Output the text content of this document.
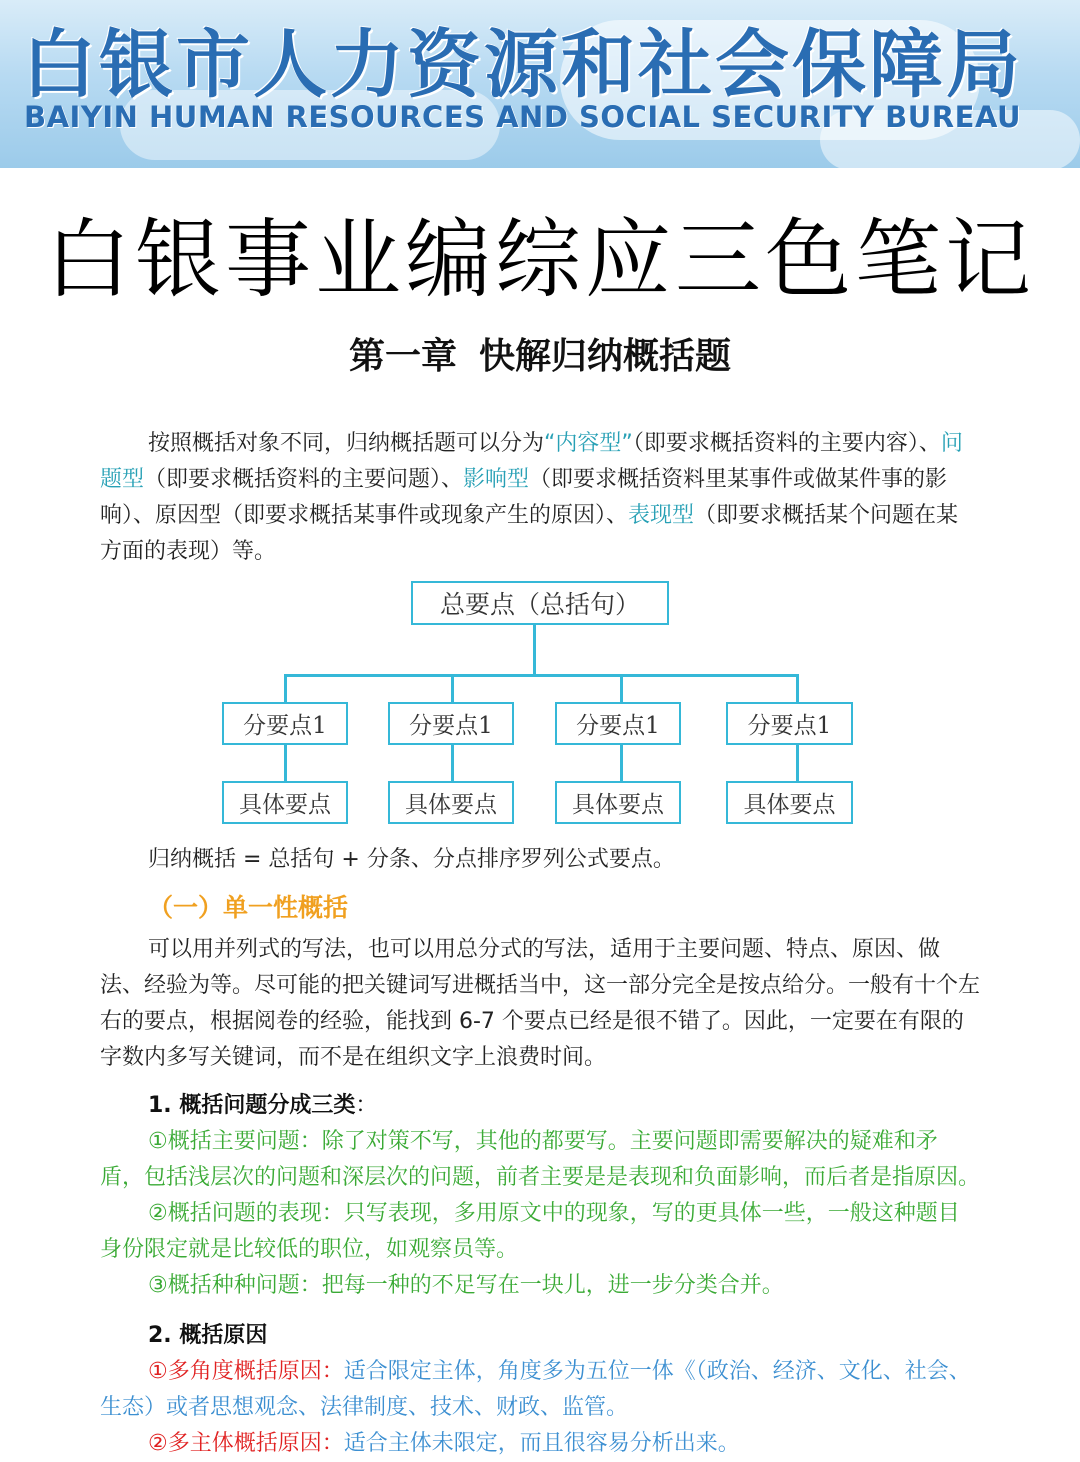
白银市人力资源和社会保障局
BAIYIN HUMAN RESOURCES AND SOCIAL SECURITY BUREAU
白银事业编综应三色笔记
第一章 快解归纳概括题
按照概括对象不同，归纳概括题可以分为“内容型”（即要求概括资料的主要内容）、问题型（即要求概括资料的主要问题）、影响型（即要求概括资料里某事件或做某件事的影响）、原因型（即要求概括某事件或现象产生的原因）、表现型（即要求概括某个问题在某方面的表现）等。
总要点（总括句）
分要点1	分要点1	分要点1	分要点1
具体要点	具体要点	具体要点	具体要点
归纳概括 = 总括句 + 分条、分点排序罗列公式要点。
（一）单一性概括
可以用并列式的写法，也可以用总分式的写法，适用于主要问题、特点、原因、做法、经验为等。尽可能的把关键词写进概括当中，这一部分完全是按点给分。一般有十个左右的要点，根据阅卷的经验，能找到 6-7 个要点已经是很不错了。因此，一定要在有限的字数内多写关键词，而不是在组织文字上浪费时间。
1. 概括问题分成三类：
①概括主要问题：除了对策不写，其他的都要写。主要问题即需要解决的疑难和矛盾，包括浅层次的问题和深层次的问题，前者主要是是表现和负面影响，而后者是指原因。
②概括问题的表现：只写表现，多用原文中的现象，写的更具体一些，一般这种题目身份限定就是比较低的职位，如观察员等。
③概括种种问题：把每一种的不足写在一块儿，进一步分类合并。
2. 概括原因
①多角度概括原因：适合限定主体，角度多为五位一体《（政治、经济、文化、社会、生态）或者思想观念、法律制度、技术、财政、监管。
②多主体概括原因：适合主体未限定，而且很容易分析出来。
